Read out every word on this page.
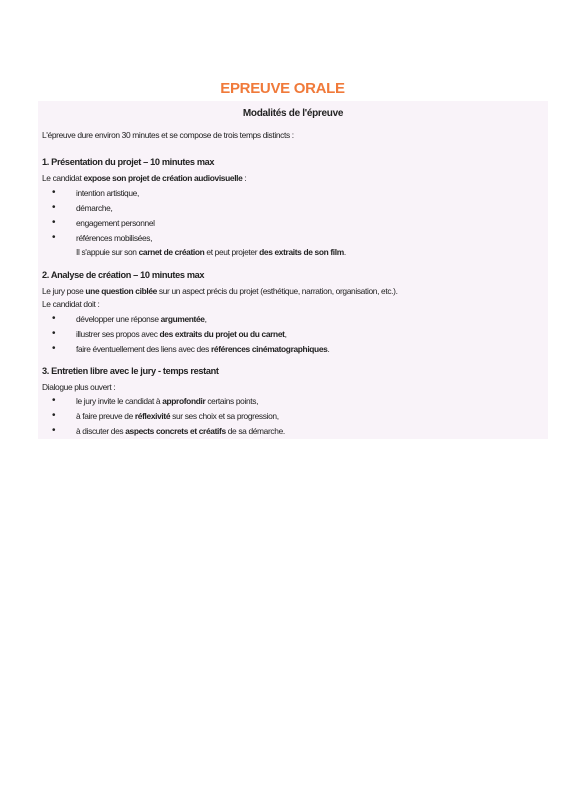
EPREUVE ORALE
Modalités de l'épreuve
L'épreuve dure environ 30 minutes et se compose de trois temps distincts :
1. Présentation du projet – 10 minutes max
Le candidat expose son projet de création audiovisuelle :
• intention artistique,
• démarche,
• engagement personnel
• références mobilisées,
Il s'appuie sur son carnet de création et peut projeter des extraits de son film.
2. Analyse de création – 10 minutes max
Le jury pose une question ciblée sur un aspect précis du projet (esthétique, narration, organisation, etc.).
Le candidat doit :
• développer une réponse argumentée,
• illustrer ses propos avec des extraits du projet ou du carnet,
• faire éventuellement des liens avec des références cinématographiques.
3. Entretien libre avec le jury - temps restant
Dialogue plus ouvert :
• le jury invite le candidat à approfondir certains points,
• à faire preuve de réflexivité sur ses choix et sa progression,
• à discuter des aspects concrets et créatifs de sa démarche.
